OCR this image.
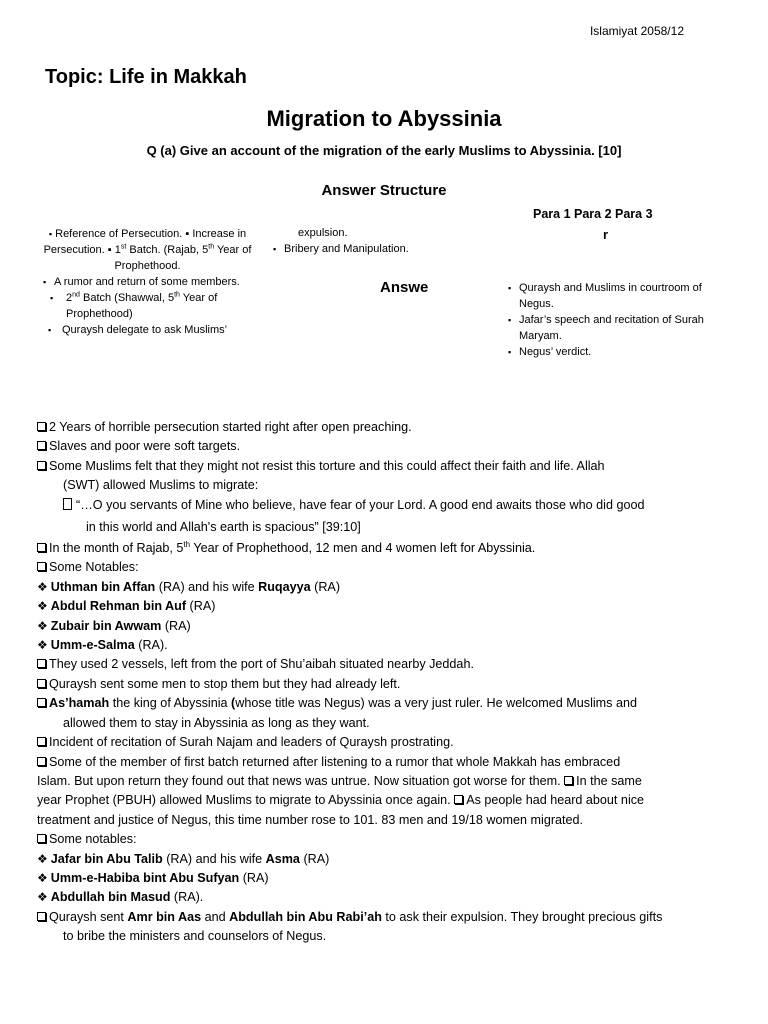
Islamiyat 2058/12
Topic: Life in Makkah
Migration to Abyssinia
Q (a) Give an account of the migration of the early Muslims to Abyssinia. [10]
Answer Structure
Para 1 Para 2 Para 3
r
Answe
▪ Reference of Persecution. ▪ Increase in Persecution. ▪ 1st Batch. (Rajab, 5th Year of Prophethood.
▪ A rumor and return of some members.
▪ 2nd Batch (Shawwal, 5th Year of Prophethood)
▪ Quraysh delegate to ask Muslims’
expulsion.
▪ Bribery and Manipulation.
▪ Quraysh and Muslims in courtroom of Negus.
▪ Jafar’s speech and recitation of Surah Maryam.
▪ Negus’ verdict.
2 Years of horrible persecution started right after open preaching.
Slaves and poor were soft targets.
Some Muslims felt that they might not resist this torture and this could affect their faith and life. Allah
(SWT) allowed Muslims to migrate:
“…O you servants of Mine who believe, have fear of your Lord. A good end awaits those who did good
in this world and Allah's earth is spacious” [39:10]
In the month of Rajab, 5th Year of Prophethood, 12 men and 4 women left for Abyssinia.
Some Notables:
❖ Uthman bin Affan (RA) and his wife Ruqayya (RA)
❖ Abdul Rehman bin Auf (RA)
❖ Zubair bin Awwam (RA)
❖ Umm-e-Salma (RA).
They used 2 vessels, left from the port of Shu’aibah situated nearby Jeddah.
Quraysh sent some men to stop them but they had already left.
As’hamah the king of Abyssinia (whose title was Negus) was a very just ruler. He welcomed Muslims and
allowed them to stay in Abyssinia as long as they want.
Incident of recitation of Surah Najam and leaders of Quraysh prostrating.
Some of the member of first batch returned after listening to a rumor that whole Makkah has embraced
Islam. But upon return they found out that news was untrue. Now situation got worse for them. In the same
year Prophet (PBUH) allowed Muslims to migrate to Abyssinia once again. As people had heard about nice
treatment and justice of Negus, this time number rose to 101. 83 men and 19/18 women migrated.
Some notables:
❖ Jafar bin Abu Talib (RA) and his wife Asma (RA)
❖ Umm-e-Habiba bint Abu Sufyan (RA)
❖ Abdullah bin Masud (RA).
Quraysh sent Amr bin Aas and Abdullah bin Abu Rabi’ah to ask their expulsion. They brought precious gifts
to bribe the ministers and counselors of Negus.
